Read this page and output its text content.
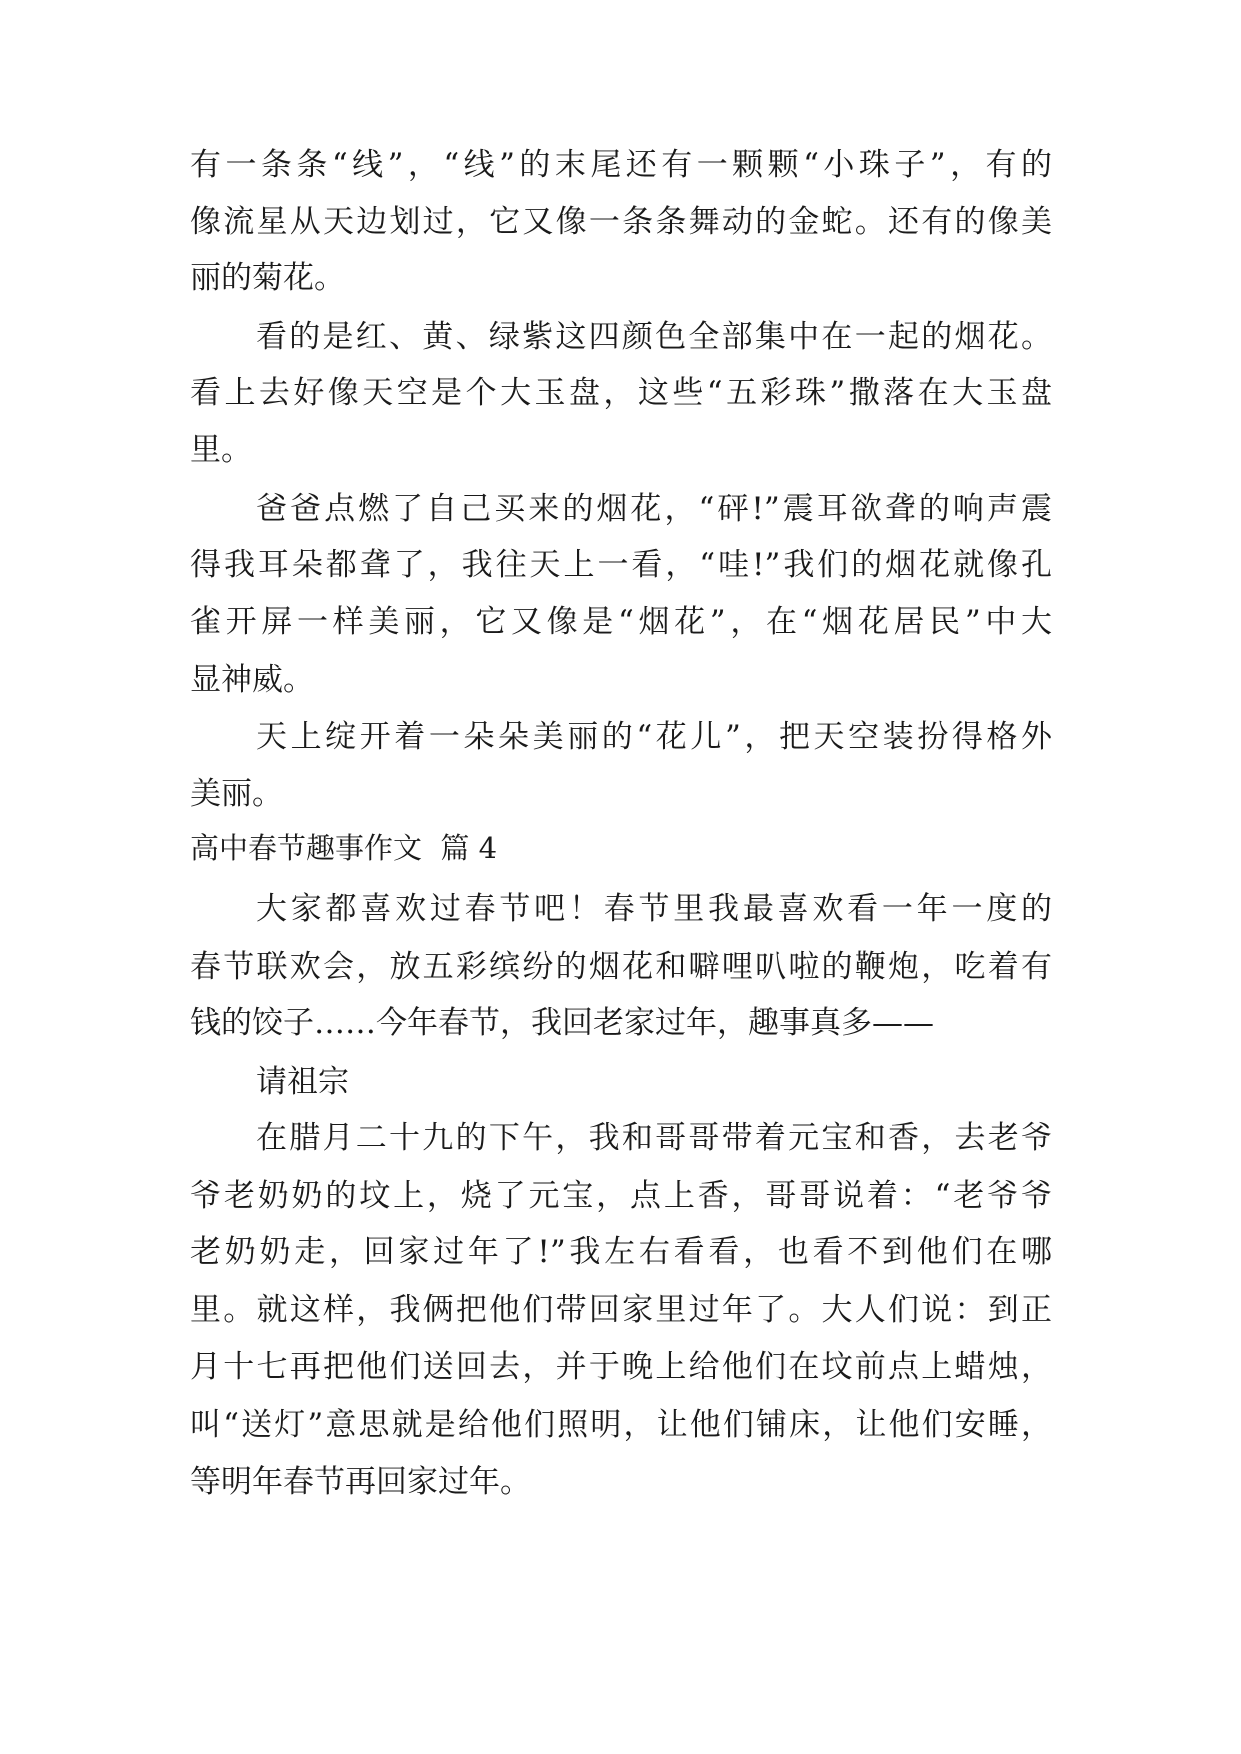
有一条条“线”，“线”的末尾还有一颗颗“小珠子”，有的
像流星从天边划过，它又像一条条舞动的金蛇。还有的像美
丽的菊花。
看的是红、黄、绿紫这四颜色全部集中在一起的烟花。
看上去好像天空是个大玉盘，这些“五彩珠”撒落在大玉盘
里。
爸爸点燃了自己买来的烟花，“砰!”震耳欲聋的响声震
得我耳朵都聋了，我往天上一看，“哇!”我们的烟花就像孔
雀开屏一样美丽，它又像是“烟花”，在“烟花居民”中大
显神威。
天上绽开着一朵朵美丽的“花儿”，把天空装扮得格外
美丽。
高中春节趣事作文  篇 4
大家都喜欢过春节吧！春节里我最喜欢看一年一度的
春节联欢会，放五彩缤纷的烟花和噼哩叭啦的鞭炮，吃着有
钱的饺子……今年春节，我回老家过年，趣事真多——
请祖宗
在腊月二十九的下午，我和哥哥带着元宝和香，去老爷
爷老奶奶的坟上，烧了元宝，点上香，哥哥说着：“老爷爷
老奶奶走，回家过年了!”我左右看看，也看不到他们在哪
里。就这样，我俩把他们带回家里过年了。大人们说：到正
月十七再把他们送回去，并于晚上给他们在坟前点上蜡烛，
叫“送灯”意思就是给他们照明，让他们铺床，让他们安睡，
等明年春节再回家过年。
